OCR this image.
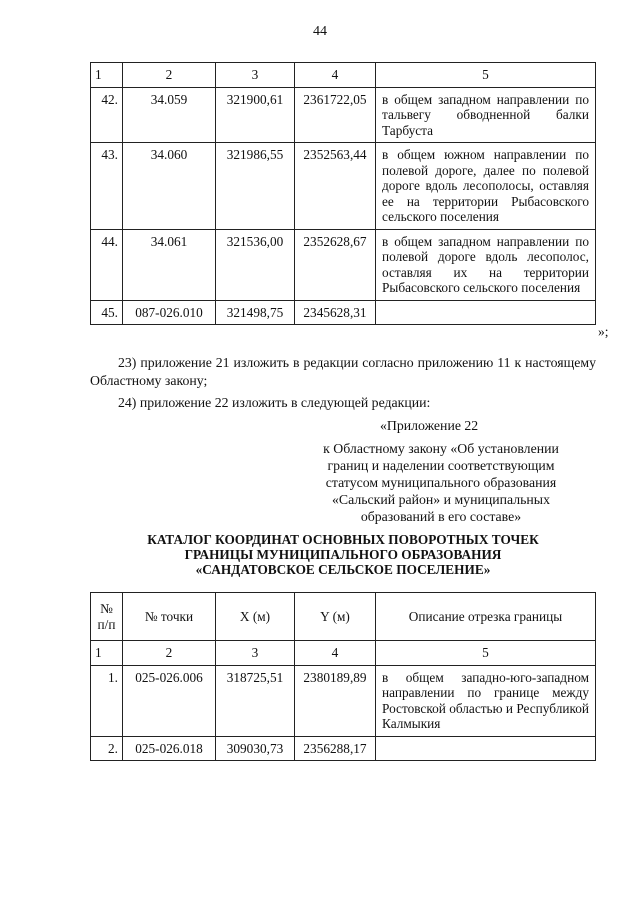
44
1	2	3	4	5
42.	34.059	321900,61	2361722,05	в общем западном направлении по тальвегу обводненной балки Тарбуста
43.	34.060	321986,55	2352563,44	в общем южном направлении по полевой дороге, далее по полевой дороге вдоль лесополосы, оставляя ее на территории Рыбасовского сельского поселения
44.	34.061	321536,00	2352628,67	в общем западном направлении по полевой дороге вдоль лесополос, оставляя их на территории Рыбасовского сельского поселения
45.	087-026.010	321498,75	2345628,31	
»;
23) приложение 21 изложить в редакции согласно приложению 11 к настоящему Областному закону;
24) приложение 22 изложить в следующей редакции:
«Приложение 22
к Областному закону «Об установлении
границ и наделении соответствующим
статусом муниципального образования
«Сальский район» и муниципальных
образований в его составе»
КАТАЛОГ КООРДИНАТ ОСНОВНЫХ ПОВОРОТНЫХ ТОЧЕК
ГРАНИЦЫ МУНИЦИПАЛЬНОГО ОБРАЗОВАНИЯ
«САНДАТОВСКОЕ СЕЛЬСКОЕ ПОСЕЛЕНИЕ»
№ п/п	№ точки	X (м)	Y (м)	Описание отрезка границы
1	2	3	4	5
1.	025-026.006	318725,51	2380189,89	в общем западно-юго-западном направлении по границе между Ростовской областью и Республикой Калмыкия
2.	025-026.018	309030,73	2356288,17	
